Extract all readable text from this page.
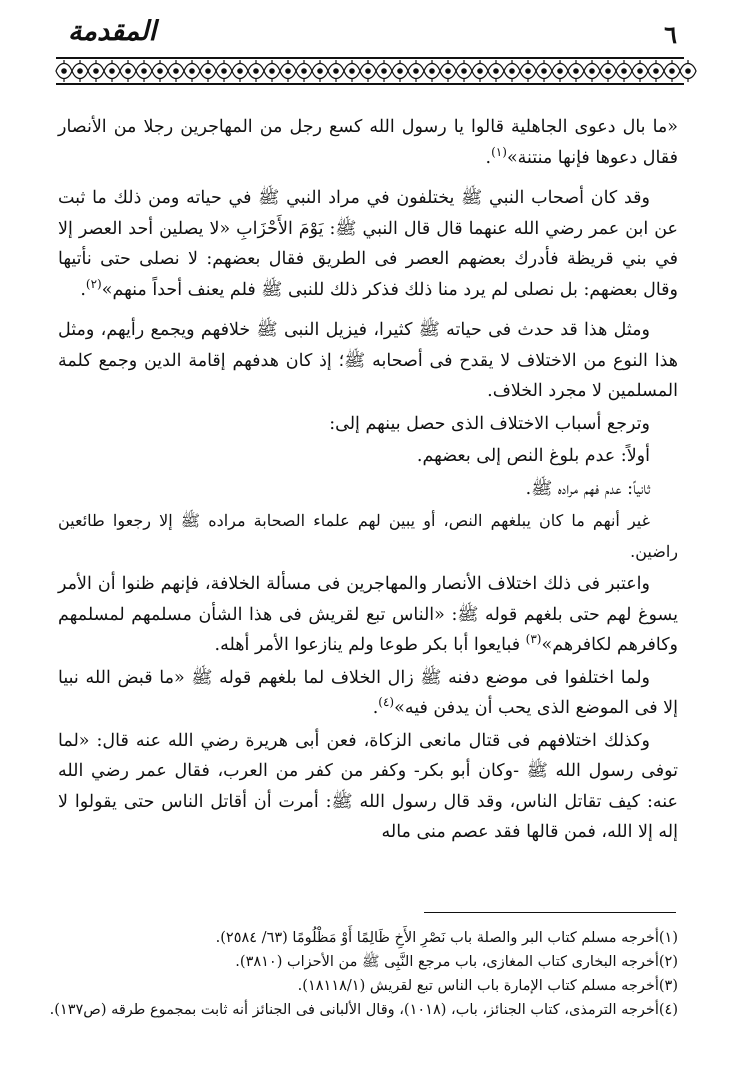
٦
المقدمة

«ما بال دعوى الجاهلية قالوا يا رسول الله كسع رجل من المهاجرين رجلا من الأنصار فقال دعوها فإنها منتنة»$^{(١)}$.

وقد كان أصحاب النبي ﷺ يختلفون في مراد النبي ﷺ في حياته ومن ذلك ما ثبت عن ابن عمر رضي الله عنهما قال قال النبي ﷺ: يَوْمَ الأَحْزَابِ «لا يصلين أحد العصر إلا في بني قريظة فأدرك بعضهم العصر فى الطريق فقال بعضهم: لا نصلى حتى نأتيها وقال بعضهم: بل نصلى لم يرد منا ذلك فذكر ذلك للنبى ﷺ فلم يعنف أحداً منهم»$^{(٢)}$.

ومثل هذا قد حدث فى حياته ﷺ كثيرا، فيزيل النبى ﷺ خلافهم ويجمع رأيهم، ومثل هذا النوع من الاختلاف لا يقدح فى أصحابه ﷺ؛ إذ كان هدفهم إقامة الدين وجمع كلمة المسلمين لا مجرد الخلاف.

وترجع أسباب الاختلاف الذى حصل بينهم إلى:

أولاً: عدم بلوغ النص إلى بعضهم.

ثانياً: عدم فهم مراده ﷺ.

غير أنهم ما كان يبلغهم النص، أو يبين لهم علماء الصحابة مراده ﷺ إلا رجعوا طائعين راضين.

واعتبر فى ذلك اختلاف الأنصار والمهاجرين فى مسألة الخلافة، فإنهم ظنوا أن الأمر يسوغ لهم حتى بلغهم قوله ﷺ: «الناس تبع لقريش فى هذا الشأن مسلمهم لمسلمهم وكافرهم لكافرهم»$^{(٣)}$ فبايعوا أبا بكر طوعا ولم ينازعوا الأمر أهله.

ولما اختلفوا فى موضع دفنه ﷺ زال الخلاف لما بلغهم قوله ﷺ «ما قبض الله نبيا إلا فى الموضع الذى يحب أن يدفن فيه»$^{(٤)}$.

وكذلك اختلافهم فى قتال مانعى الزكاة، فعن أبى هريرة رضي الله عنه قال: «لما توفى رسول الله ﷺ -وكان أبو بكر- وكفر من كفر من العرب، فقال عمر رضي الله عنه: كيف تقاتل الناس، وقد قال رسول الله ﷺ: أمرت أن أقاتل الناس حتى يقولوا لا إله إلا الله، فمن قالها فقد عصم منى ماله

(١)أخرجه مسلم كتاب البر والصلة باب نَصْرِ الأَخِ ظَالِمًا أَوْ مَظْلُومًا (٦٣/ ٢٥٨٤).
(٢)أخرجه البخارى كتاب المغازى، باب مرجع النَّبِى ﷺ من الأحزاب (٣٨١٠).
(٣)أخرجه مسلم كتاب الإمارة باب الناس تبع لقريش (١٨١١٨/١).
(٤)أخرجه الترمذى، كتاب الجنائز، باب، (١٠١٨)، وقال الألبانى فى الجنائز أنه ثابت بمجموع طرقه (ص١٣٧).
